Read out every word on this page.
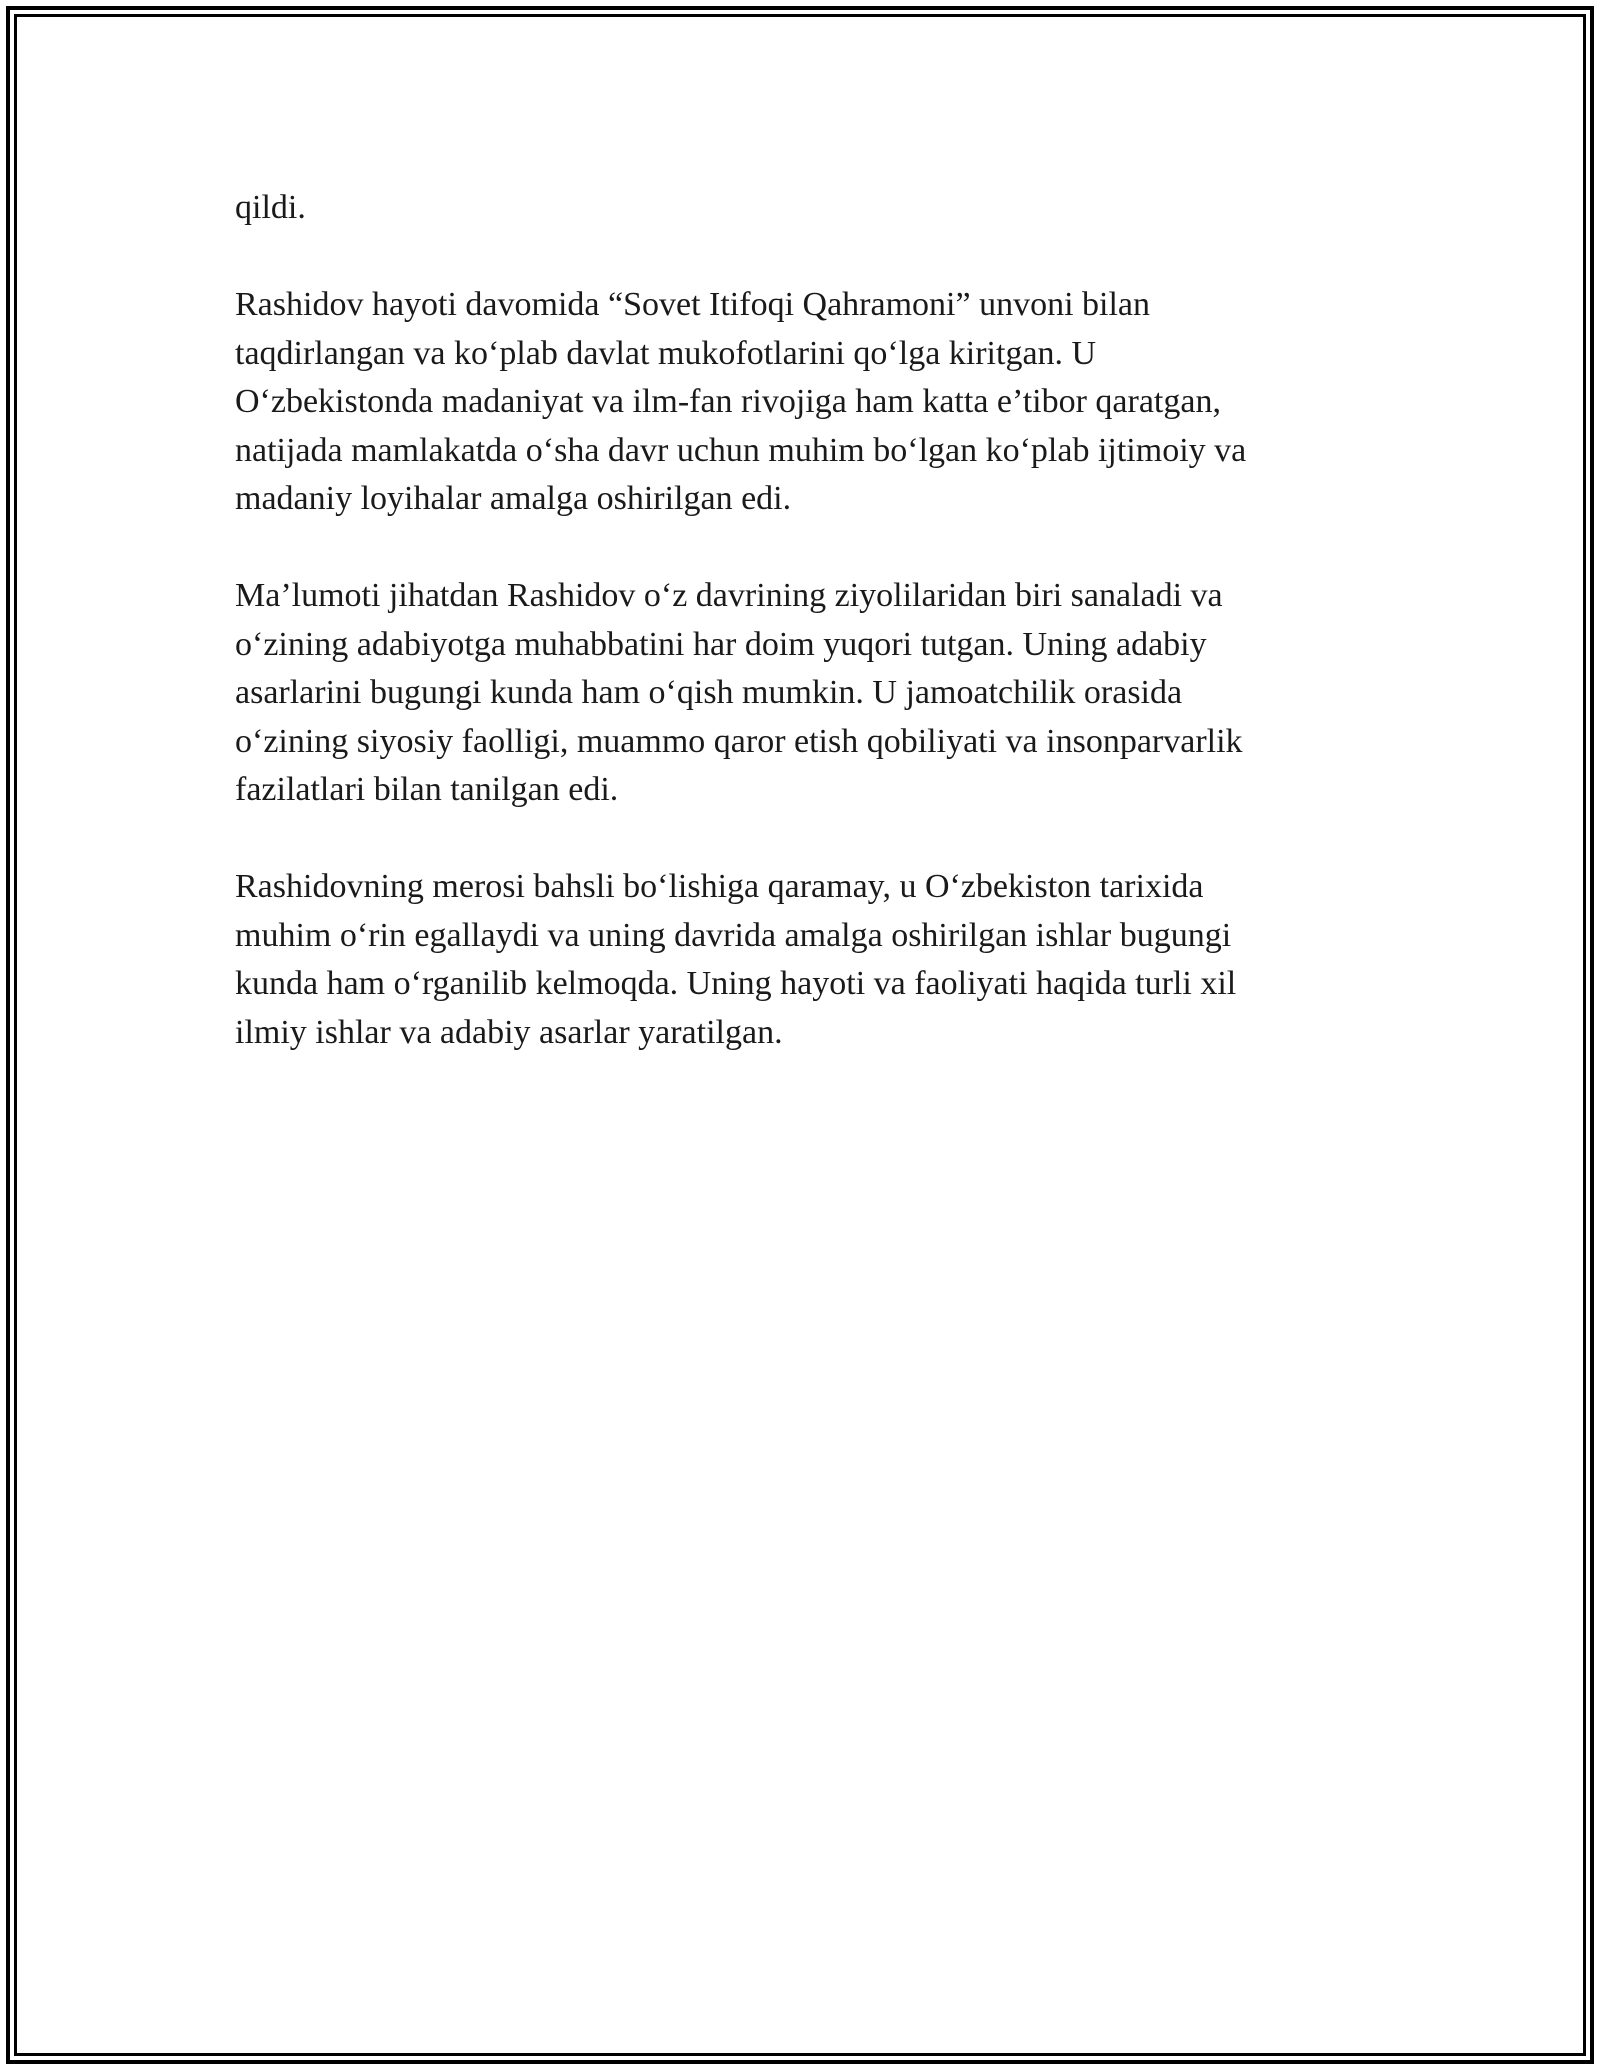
qildi.

Rashidov hayoti davomida “Sovet Itifoqi Qahramoni” unvoni bilan
taqdirlangan va ko‘plab davlat mukofotlarini qo‘lga kiritgan. U
O‘zbekistonda madaniyat va ilm-fan rivojiga ham katta e’tibor qaratgan,
natijada mamlakatda o‘sha davr uchun muhim bo‘lgan ko‘plab ijtimoiy va
madaniy loyihalar amalga oshirilgan edi.

Ma’lumoti jihatdan Rashidov o‘z davrining ziyolilaridan biri sanaladi va
o‘zining adabiyotga muhabbatini har doim yuqori tutgan. Uning adabiy
asarlarini bugungi kunda ham o‘qish mumkin. U jamoatchilik orasida
o‘zining siyosiy faolligi, muammo qaror etish qobiliyati va insonparvarlik
fazilatlari bilan tanilgan edi.

Rashidovning merosi bahsli bo‘lishiga qaramay, u O‘zbekiston tarixida
muhim o‘rin egallaydi va uning davrida amalga oshirilgan ishlar bugungi
kunda ham o‘rganilib kelmoqda. Uning hayoti va faoliyati haqida turli xil
ilmiy ishlar va adabiy asarlar yaratilgan.
